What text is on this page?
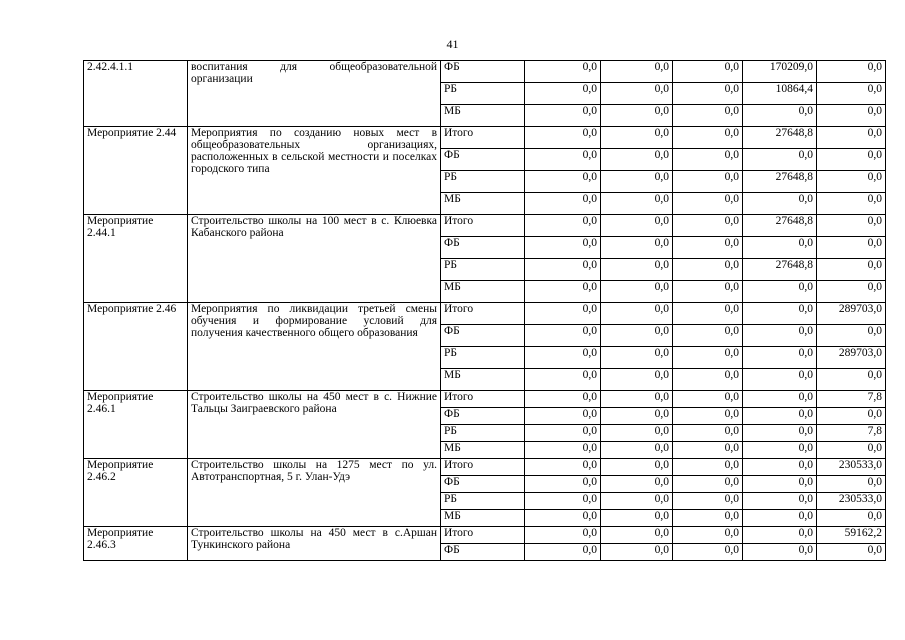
41
2.42.4.1.1	воспитания для общеобразовательной организации	ФБ	0,0	0,0	0,0	170209,0	0,0
		РБ	0,0	0,0	0,0	10864,4	0,0
		МБ	0,0	0,0	0,0	0,0	0,0
Мероприятие 2.44	Мероприятия по созданию новых мест в общеобразовательных организациях, расположенных в сельской местности и поселках городского типа	Итого	0,0	0,0	0,0	27648,8	0,0
		ФБ	0,0	0,0	0,0	0,0	0,0
		РБ	0,0	0,0	0,0	27648,8	0,0
		МБ	0,0	0,0	0,0	0,0	0,0
Мероприятие 2.44.1	Строительство школы на 100 мест в с. Клюевка Кабанского района	Итого	0,0	0,0	0,0	27648,8	0,0
		ФБ	0,0	0,0	0,0	0,0	0,0
		РБ	0,0	0,0	0,0	27648,8	0,0
		МБ	0,0	0,0	0,0	0,0	0,0
Мероприятие 2.46	Мероприятия по ликвидации третьей смены обучения и формирование условий для получения качественного общего образования	Итого	0,0	0,0	0,0	0,0	289703,0
		ФБ	0,0	0,0	0,0	0,0	0,0
		РБ	0,0	0,0	0,0	0,0	289703,0
		МБ	0,0	0,0	0,0	0,0	0,0
Мероприятие 2.46.1	Строительство школы на 450 мест в с. Нижние Тальцы Заиграевского района	Итого	0,0	0,0	0,0	0,0	7,8
		ФБ	0,0	0,0	0,0	0,0	0,0
		РБ	0,0	0,0	0,0	0,0	7,8
		МБ	0,0	0,0	0,0	0,0	0,0
Мероприятие 2.46.2	Строительство школы на 1275 мест по ул. Автотранспортная, 5 г. Улан-Удэ	Итого	0,0	0,0	0,0	0,0	230533,0
		ФБ	0,0	0,0	0,0	0,0	0,0
		РБ	0,0	0,0	0,0	0,0	230533,0
		МБ	0,0	0,0	0,0	0,0	0,0
Мероприятие 2.46.3	Строительство школы на 450 мест в с.Аршан Тункинского района	Итого	0,0	0,0	0,0	0,0	59162,2
		ФБ	0,0	0,0	0,0	0,0	0,0
